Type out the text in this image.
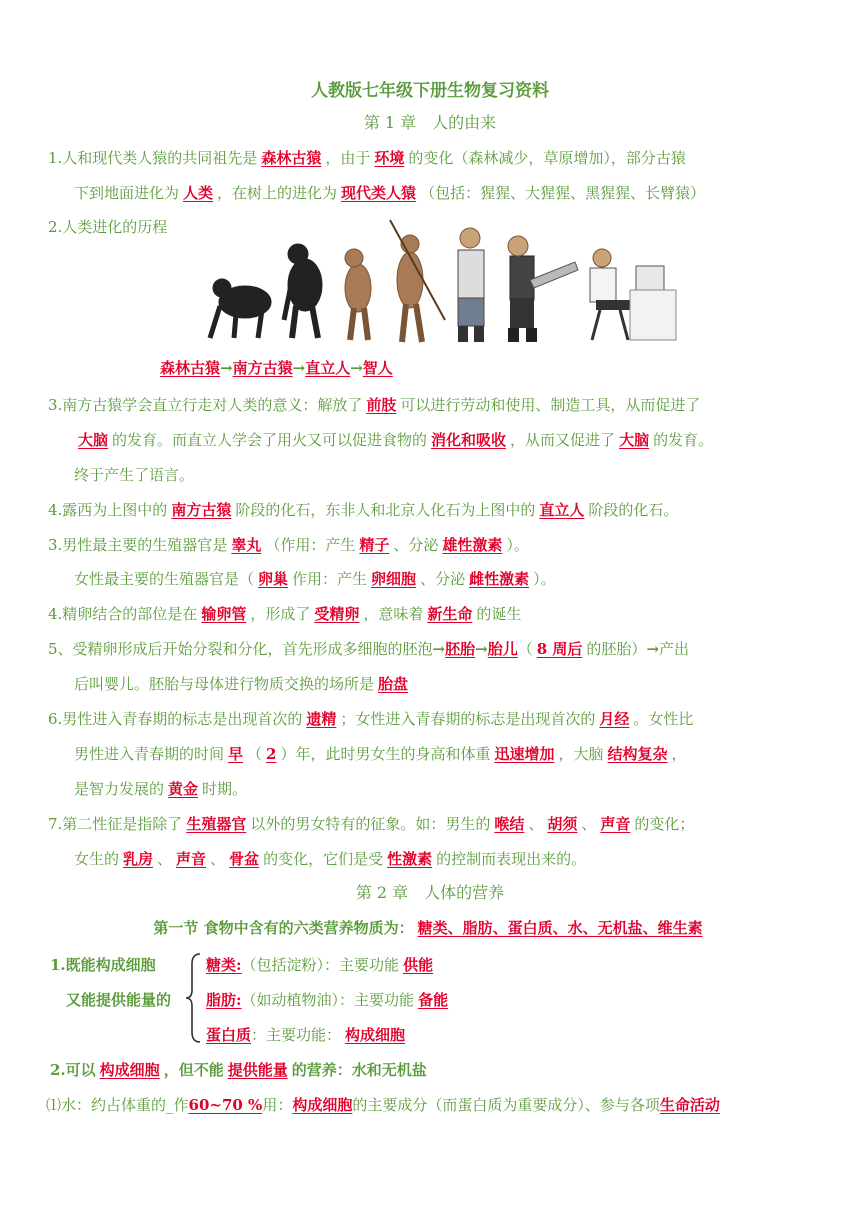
人教版七年级下册生物复习资料
第 1 章　人的由来
1.人和现代类人猿的共同祖先是 森林古猿 ，由于 环境 的变化（森林减少，草原增加），部分古猿
下到地面进化为 人类 ，在树上的进化为 现代类人猿 （包括：猩猩、大猩猩、黑猩猩、长臂猿）
2.人类进化的历程
森林古猿→南方古猿→直立人→智人
3.南方古猿学会直立行走对人类的意义：解放了 前肢 可以进行劳动和使用、制造工具，从而促进了
大脑 的发育。而直立人学会了用火又可以促进食物的 消化和吸收 ，从而又促进了 大脑 的发育。
终于产生了语言。
4.露西为上图中的 南方古猿 阶段的化石，东非人和北京人化石为上图中的 直立人 阶段的化石。
3.男性最主要的生殖器官是 睾丸 （作用：产生 精子 、分泌 雄性激素 ）。
女性最主要的生殖器官是（ 卵巢 作用：产生 卵细胞 、分泌 雌性激素 ）。
4.精卵结合的部位是在 输卵管 ，形成了 受精卵 ，意味着 新生命 的诞生
5、受精卵形成后开始分裂和分化，首先形成多细胞的胚泡→胚胎→胎儿（ 8 周后 的胚胎）→产出
后叫婴儿。胚胎与母体进行物质交换的场所是 胎盘
6.男性进入青春期的标志是出现首次的 遗精 ；女性进入青春期的标志是出现首次的 月经 。女性比
男性进入青春期的时间 早 （ 2 ）年，此时男女生的身高和体重 迅速增加 ，大脑 结构复杂 ，
是智力发展的 黄金 时期。
7.第二性征是指除了 生殖器官 以外的男女特有的征象。如：男生的 喉结 、 胡须 、 声音 的变化；
女生的 乳房 、 声音 、 骨盆 的变化，它们是受 性激素 的控制而表现出来的。
第 2 章　人体的营养
第一节 食物中含有的六类营养物质为： 糖类、脂肪、蛋白质、水、无机盐、维生素
1.既能构成细胞
又能提供能量的
糖类:（包括淀粉）：主要功能 供能
脂肪:（如动植物油）：主要功能 备能
蛋白质：主要功能： 构成细胞
2.可以 构成细胞 ，但不能 提供能量 的营养：水和无机盐
⑴水：约占体重的_作60~70 %用：构成细胞的主要成分（而蛋白质为重要成分）、参与各项生命活动
